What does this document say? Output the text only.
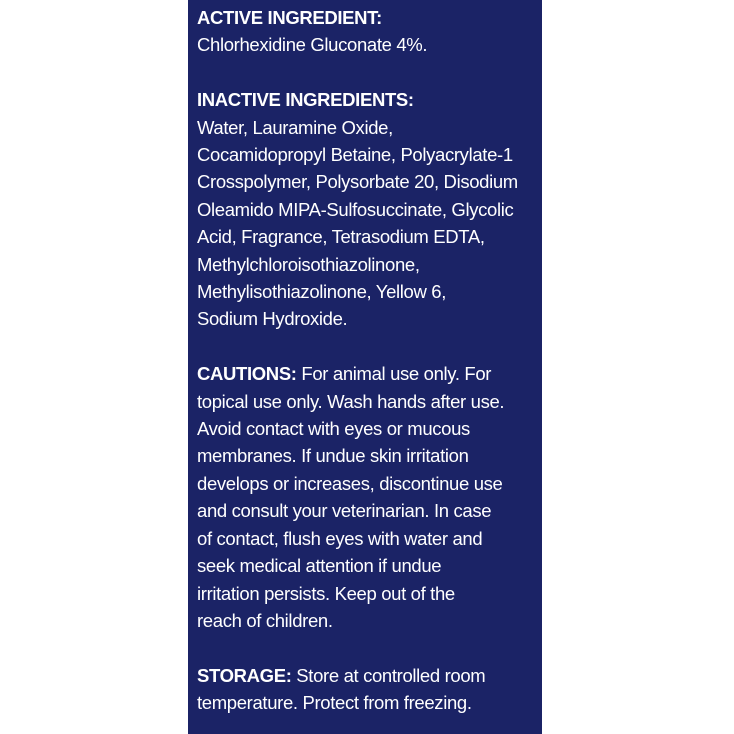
ACTIVE INGREDIENT:
Chlorhexidine Gluconate 4%.
INACTIVE INGREDIENTS:
Water, Lauramine Oxide,
Cocamidopropyl Betaine, Polyacrylate-1
Crosspolymer, Polysorbate 20, Disodium
Oleamido MIPA-Sulfosuccinate, Glycolic
Acid, Fragrance, Tetrasodium EDTA,
Methylchloroisothiazolinone,
Methylisothiazolinone, Yellow 6,
Sodium Hydroxide.
CAUTIONS: For animal use only. For
topical use only. Wash hands after use.
Avoid contact with eyes or mucous
membranes. If undue skin irritation
develops or increases, discontinue use
and consult your veterinarian. In case
of contact, flush eyes with water and
seek medical attention if undue
irritation persists. Keep out of the
reach of children.
STORAGE: Store at controlled room
temperature. Protect from freezing.
